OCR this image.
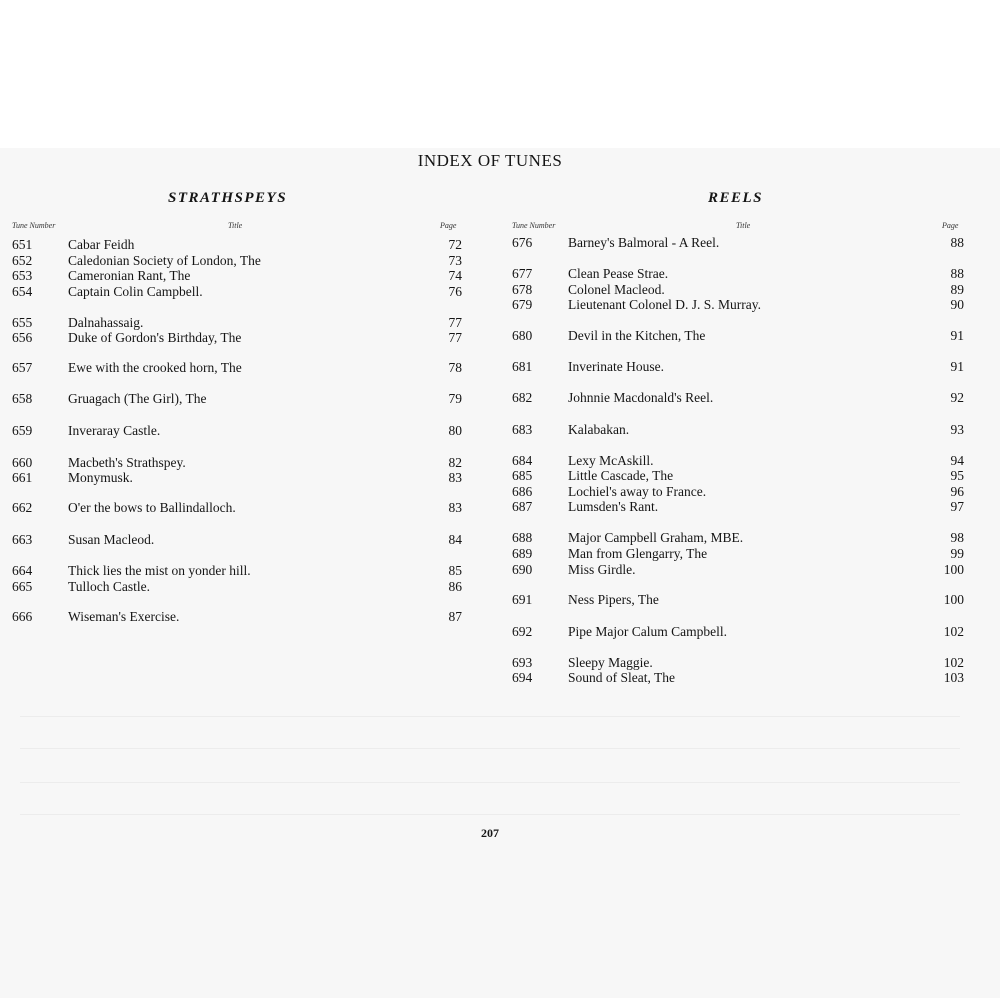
INDEX OF TUNES
STRATHSPEYS
Tune Number	Title	Page
651	Cabar Feidh	72
652	Caledonian Society of London, The	73
653	Cameronian Rant, The	74
654	Captain Colin Campbell.	76
655	Dalnahassaig.	77
656	Duke of Gordon's Birthday, The	77
657	Ewe with the crooked horn, The	78
658	Gruagach (The Girl), The	79
659	Inveraray Castle.	80
660	Macbeth's Strathspey.	82
661	Monymusk.	83
662	O'er the bows to Ballindalloch.	83
663	Susan Macleod.	84
664	Thick lies the mist on yonder hill.	85
665	Tulloch Castle.	86
666	Wiseman's Exercise.	87
REELS
Tune Number	Title	Page
676	Barney's Balmoral - A Reel.	88
677	Clean Pease Strae.	88
678	Colonel Macleod.	89
679	Lieutenant Colonel D. J. S. Murray.	90
680	Devil in the Kitchen, The	91
681	Inverinate House.	91
682	Johnnie Macdonald's Reel.	92
683	Kalabakan.	93
684	Lexy McAskill.	94
685	Little Cascade, The	95
686	Lochiel's away to France.	96
687	Lumsden's Rant.	97
688	Major Campbell Graham, MBE.	98
689	Man from Glengarry, The	99
690	Miss Girdle.	100
691	Ness Pipers, The	100
692	Pipe Major Calum Campbell.	102
693	Sleepy Maggie.	102
694	Sound of Sleat, The	103
207
